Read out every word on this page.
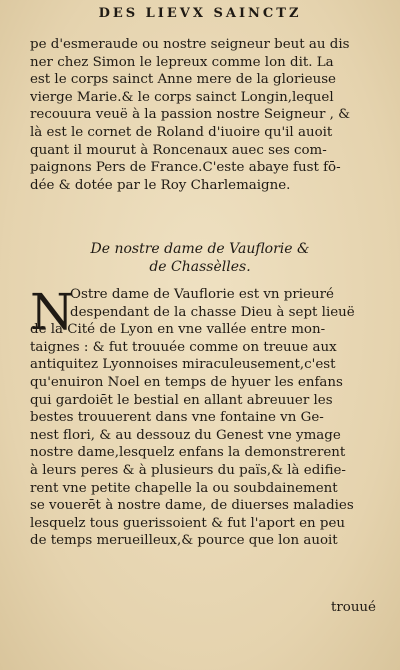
DES LIEVX SAINCTZ
pe d'esmeraude ou nostre seigneur beut au dis
ner chez Simon le lepreux comme lon dit. La
est le corps sainct Anne mere de la glorieuse
vierge Marie.& le corps sainct Longin,lequel
recouura veuë à la passion nostre Seigneur , &
là est le cornet de Roland d'iuoire qu'il auoit
quant il mourut à Roncenaux auec ses com-
paignons Pers de France.C'este abaye fust fō-
dée & dotée par le Roy Charlemaigne.
De nostre dame de Vauflorie &
de Chassèlles.
N
Ostre dame de Vauflorie est vn prieuré
despendant de la chasse Dieu à sept lieuë
de la Cité de Lyon en vne vallée entre mon-
taignes : & fut trouuée comme on treuue aux
antiquitez Lyonnoises miraculeusement,c'est
qu'enuiron Noel en temps de hyuer les enfans
qui gardoiēt le bestial en allant abreuuer les
bestes trouuerent dans vne fontaine vn Ge-
nest flori, & au dessouz du Genest vne ymage
nostre dame,lesquelz enfans la demonstrerent
à leurs peres & à plusieurs du païs,& là edifie-
rent vne petite chapelle la ou soubdainement
se vouerēt à nostre dame, de diuerses maladies
lesquelz tous guerissoient & fut l'aport en peu
de temps merueilleux,& pource que lon auoit
trouué
